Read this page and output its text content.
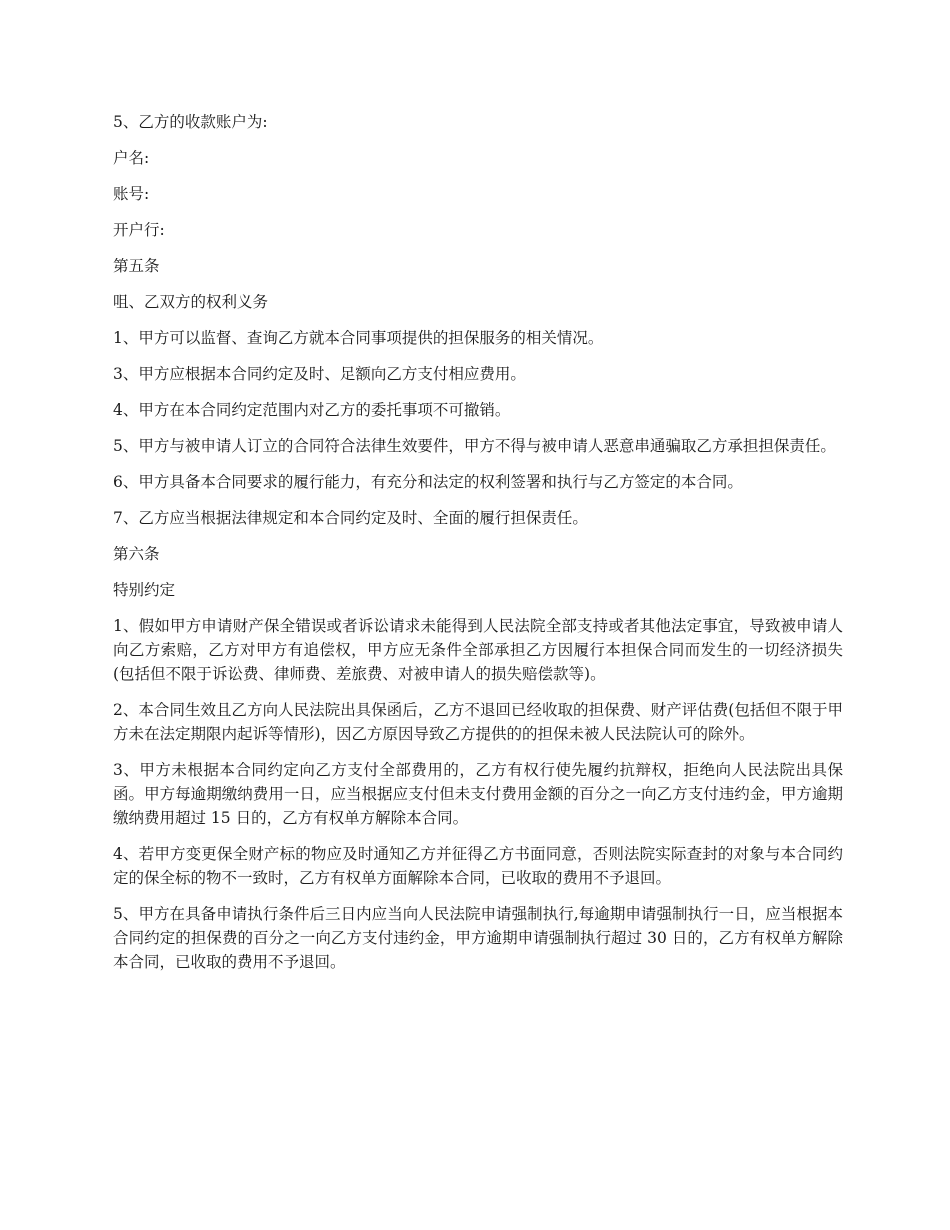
5、乙方的收款账户为:

户名:

账号:

开户行:

第五条

咀、乙双方的权利义务

1、甲方可以监督、查询乙方就本合同事项提供的担保服务的相关情况。

3、甲方应根据本合同约定及时、足额向乙方支付相应费用。

4、甲方在本合同约定范围内对乙方的委托事项不可撤销。

5、甲方与被申请人订立的合同符合法律生效要件，甲方不得与被申请人恶意串通骗取乙方承担担保责任。

6、甲方具备本合同要求的履行能力，有充分和法定的权利签署和执行与乙方签定的本合同。

7、乙方应当根据法律规定和本合同约定及时、全面的履行担保责任。

第六条

特别约定

1、假如甲方申请财产保全错误或者诉讼请求未能得到人民法院全部支持或者其他法定事宜，导致被申请人向乙方索赔，乙方对甲方有追偿权，甲方应无条件全部承担乙方因履行本担保合同而发生的一切经济损失(包括但不限于诉讼费、律师费、差旅费、对被申请人的损失赔偿款等)。

2、本合同生效且乙方向人民法院出具保函后，乙方不退回已经收取的担保费、财产评估费(包括但不限于甲方未在法定期限内起诉等情形)，因乙方原因导致乙方提供的的担保未被人民法院认可的除外。

3、甲方未根据本合同约定向乙方支付全部费用的，乙方有权行使先履约抗辩权，拒绝向人民法院出具保函。甲方每逾期缴纳费用一日，应当根据应支付但未支付费用金额的百分之一向乙方支付违约金，甲方逾期缴纳费用超过 15 日的，乙方有权单方解除本合同。

4、若甲方变更保全财产标的物应及时通知乙方并征得乙方书面同意，否则法院实际查封的对象与本合同约定的保全标的物不一致时，乙方有权单方面解除本合同，已收取的费用不予退回。

5、甲方在具备申请执行条件后三日内应当向人民法院申请强制执行,每逾期申请强制执行一日，应当根据本合同约定的担保费的百分之一向乙方支付违约金，甲方逾期申请强制执行超过 30 日的，乙方有权单方解除本合同，已收取的费用不予退回。
